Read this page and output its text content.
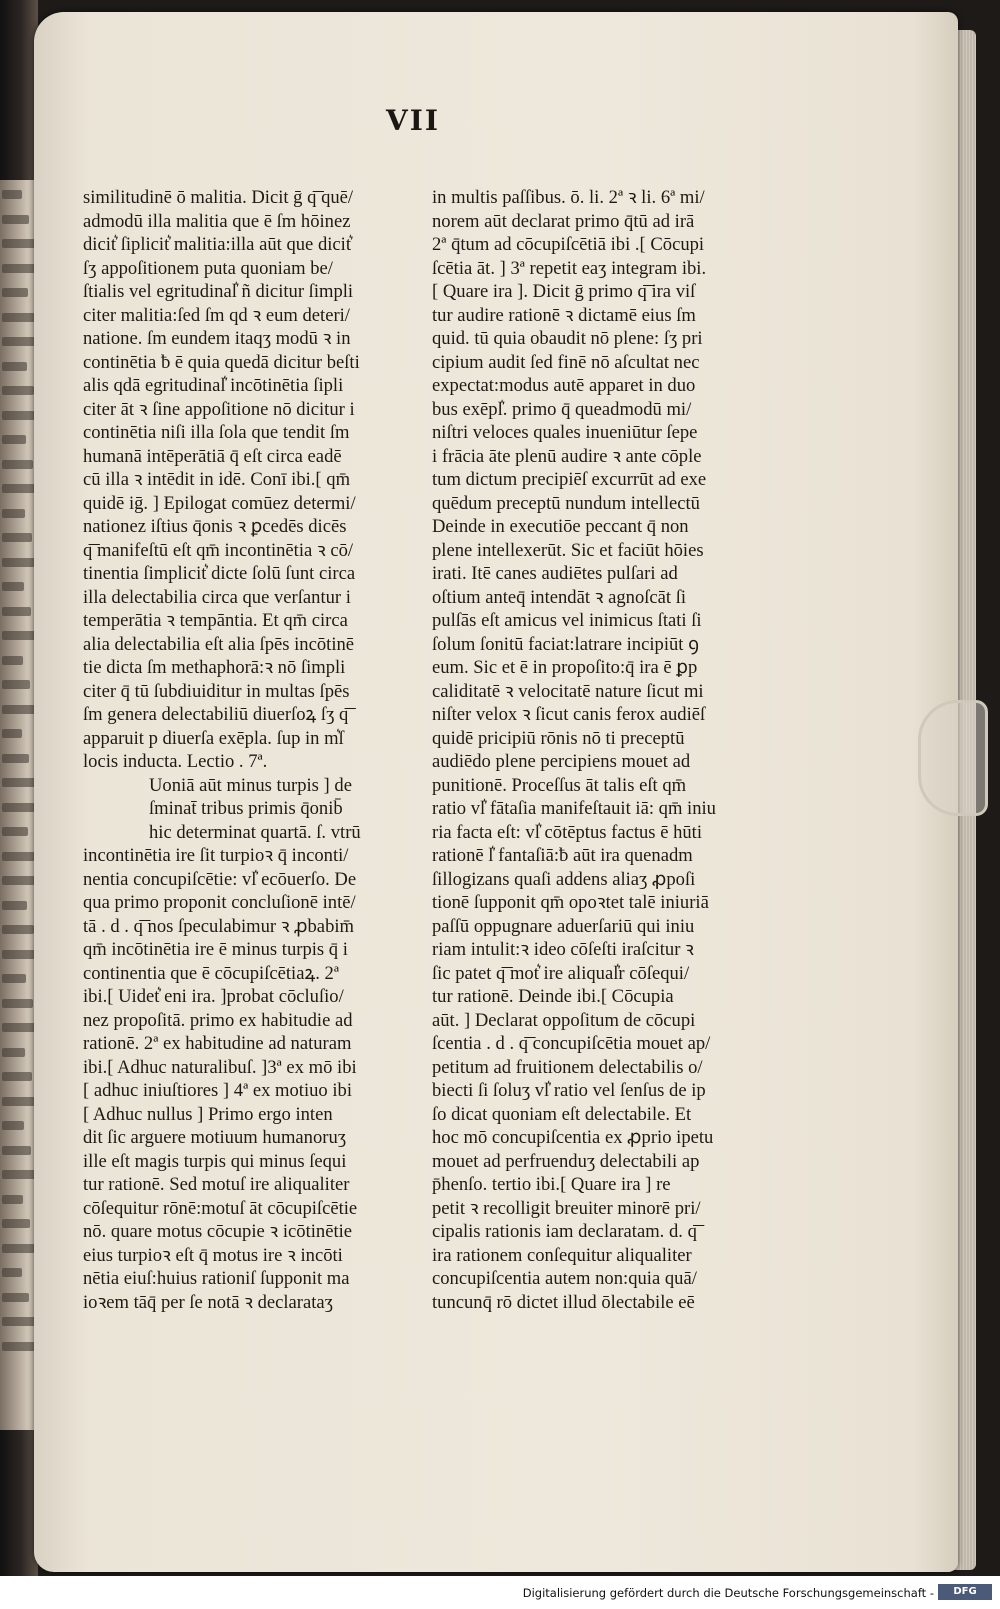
VII
similitudinē ō malitia. Dicit ḡ q͞ quē/
admodū illa malitia que ē ſm hōinez
dicit͛ ſiplicit͛ malitia:illa aūt que dicit͛
ſʒ appoſitionem puta quoniam be/
ſtialis vel egritudinal͛ ñ dicitur ſimpli
citer malitia:ſed ſm qd ꝛ eum deteri/
natione. ſm eundem itaqʒ modū ꝛ in
continētia ƀ ē quia quedā dicitur beſti
alis qdā egritudinal͛ incōtinētia ſipli
citer āt ꝛ ſine appoſitione nō dicitur i
continētia niſi illa ſola que tendit ſm
humanā intēperātiā q̄ eſt circa eadē
cū illa ꝛ intēdit in idē. Conī ibi.[ qm̄
quidē iḡ. ] Epilogat comūez determi/
nationez iſtius q̄onis ꝛ ꝑcedēs dicēs
q͞ manifeſtū eſt qm̄ incontinētia ꝛ cō/
tinentia ſimplicit͛ dicte ſolū ſunt circa
illa delectabilia circa que verſantur i
temperātia ꝛ tempāntia. Et qm̄ circa
alia delectabilia eſt alia ſpēs incōtinē
tie dicta ſm methaphorā:ꝛ nō ſimpli
citer q̄ tū ſubdiuiditur in multas ſpēs
ſm genera delectabiliū diuerſoꝝ ſʒ q͞
apparuit p diuerſa exēpla. ſup in m͛ſ
locis inducta. Lectio . 7ª.
Uoniā aūt minus turpis ] de
ſminat̄ tribus primis q̄onib̄
hic determinat quartā. ſ. vtrū
incontinētia ire ſit turpioꝛ q̄ inconti/
nentia concupiſcētie: vl͛ ecōuerſo. De
qua primo proponit concluſionē intē/
tā . d . q͞ nos ſpeculabimur ꝛ ꝓbabim̄
qm̄ incōtinētia ire ē minus turpis q̄ i
continentia que ē cōcupiſcētiaꝝ. 2ª
ibi.[ Uidet͛ eni ira. ]probat cōcluſio/
nez propoſitā. primo ex habitudie ad
rationē. 2ª ex habitudine ad naturam
ibi.[ Adhuc naturalibuſ. ]3ª ex mō ibi
[ adhuc iniuſtiores ] 4ª ex motiuo ibi
[ Adhuc nullus ] Primo ergo inten
dit ſic arguere motiuum humanoruʒ
ille eſt magis turpis qui minus ſequi
tur rationē. Sed motuſ ire aliqualiter
cōſequitur rōnē:motuſ āt cōcupiſcētie
nō. quare motus cōcupie ꝛ icōtinētie
eius turpioꝛ eſt q̄ motus ire ꝛ incōti
nētia eiuſ:huius rationiſ ſupponit ma
ioꝛem tāq̄ per ſe notā ꝛ declarataʒ
in multis paſſibus. ō. li. 2ª ꝛ li. 6ª mi/
norem aūt declarat primo q̄tū ad irā
2ª q̄tum ad cōcupiſcētiā ibi .[ Cōcupi
ſcētia āt. ] 3ª repetit eaʒ integram ibi.
[ Quare ira ]. Dicit ḡ primo q͞ ira viſ
tur audire rationē ꝛ dictamē eius ſm
quid. tū quia obaudit nō plene: ſʒ pri
cipium audit ſed finē nō aſcultat nec
expectat:modus autē apparet in duo
bus exēpl͛. primo q̄ queadmodū mi/
niſtri veloces quales inueniūtur ſepe
i frācia āte plenū audire ꝛ ante cōple
tum dictum precipiēſ excurrūt ad exe
quēdum preceptū nundum intellectū
Deinde in executiōe peccant q̄ non
plene intellexerūt. Sic et faciūt hōies
irati. Itē canes audiētes pulſari ad
oſtium anteq̄ intendāt ꝛ agnoſcāt ſi
pulſās eſt amicus vel inimicus ſtati ſi
ſolum ſonitū faciat:latrare incipiūt ꝯ
eum. Sic et ē in propoſito:q̄ ira ē ꝑp
caliditatē ꝛ velocitatē nature ſicut mi
niſter velox ꝛ ſicut canis ferox audiēſ
quidē pricipiū rōnis nō ti preceptū
audiēdo plene percipiens mouet ad
punitionē. Proceſſus āt talis eſt qm̄
ratio vl͛ fātaſia manifeſtauit iā: qm̄ iniu
ria facta eſt: vl͛ cōtēptus factus ē hūti
rationē l͛ fantaſiā:ƀ aūt ira quenadm
ſillogizans quaſi addens aliaʒ ꝓpoſi
tionē ſupponit qm̄ opoꝛtet talē iniuriā
paſſū oppugnare aduerſariū qui iniu
riam intulit:ꝛ ideo cōſeſti iraſcitur ꝛ
ſic patet q͞ mot͛ ire aliqual͛r cōſequi/
tur rationē. Deinde ibi.[ Cōcupia
aūt. ] Declarat oppoſitum de cōcupi
ſcentia . d . q͞ concupiſcētia mouet ap/
petitum ad fruitionem delectabilis o/
biecti ſi ſoluʒ vl͛ ratio vel ſenſus de ip
ſo dicat quoniam eſt delectabile. Et
hoc mō concupiſcentia ex ꝓprio ipetu
mouet ad perfruenduʒ delectabili ap
p̄henſo. tertio ibi.[ Quare ira ] re
petit ꝛ recolligit breuiter minorē pri/
cipalis rationis iam declaratam. d. q͞
ira rationem conſequitur aliqualiter
concupiſcentia autem non:quia quā/
tuncunq̄ rō dictet illud ōlectabile eē
Digitalisierung gefördert durch die Deutsche Forschungsgemeinschaft -	DFG
